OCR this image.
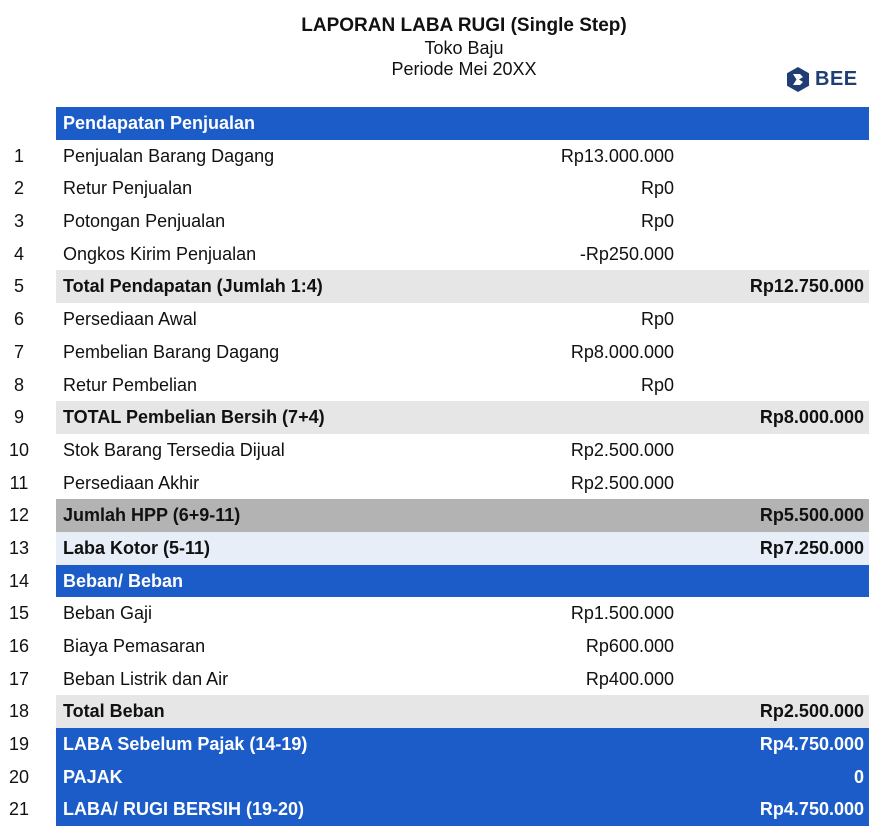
LAPORAN LABA RUGI (Single Step)
Toko Baju
Periode Mei 20XX	BEE
Pendapatan Penjualan
1	Penjualan Barang Dagang	Rp13.000.000
2	Retur Penjualan	Rp0
3	Potongan Penjualan	Rp0
4	Ongkos Kirim Penjualan	-Rp250.000
5	Total Pendapatan (Jumlah 1:4)	Rp12.750.000
6	Persediaan Awal	Rp0
7	Pembelian Barang Dagang	Rp8.000.000
8	Retur Pembelian	Rp0
9	TOTAL Pembelian Bersih (7+4)	Rp8.000.000
10	Stok Barang Tersedia Dijual	Rp2.500.000
11	Persediaan Akhir	Rp2.500.000
12	Jumlah HPP (6+9-11)	Rp5.500.000
13	Laba Kotor (5-11)	Rp7.250.000
14	Beban/ Beban
15	Beban Gaji	Rp1.500.000
16	Biaya Pemasaran	Rp600.000
17	Beban Listrik dan Air	Rp400.000
18	Total Beban	Rp2.500.000
19	LABA Sebelum Pajak (14-19)	Rp4.750.000
20	PAJAK	0
21	LABA/ RUGI BERSIH (19-20)	Rp4.750.000
